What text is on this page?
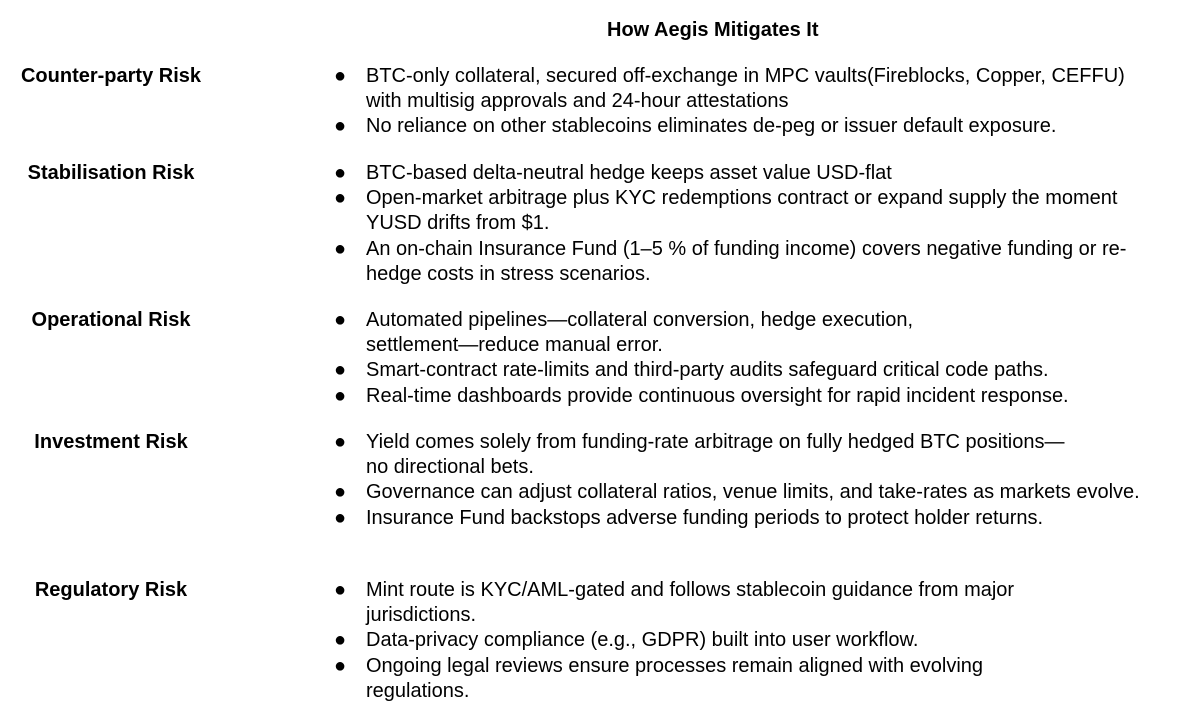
How Aegis Mitigates It
Counter-party Risk	● BTC-only collateral, secured off-exchange in MPC vaults(Fireblocks, Copper, CEFFU) with multisig approvals and 24-hour attestations
● No reliance on other stablecoins eliminates de-peg or issuer default exposure.
Stabilisation Risk	● BTC-based delta-neutral hedge keeps asset value USD-flat
● Open-market arbitrage plus KYC redemptions contract or expand supply the moment YUSD drifts from $1.
● An on-chain Insurance Fund (1–5 % of funding income) covers negative funding or re-hedge costs in stress scenarios.
Operational Risk	● Automated pipelines—collateral conversion, hedge execution, settlement—reduce manual error.
● Smart-contract rate-limits and third-party audits safeguard critical code paths.
● Real-time dashboards provide continuous oversight for rapid incident response.
Investment Risk	● Yield comes solely from funding-rate arbitrage on fully hedged BTC positions—no directional bets.
● Governance can adjust collateral ratios, venue limits, and take-rates as markets evolve.
● Insurance Fund backstops adverse funding periods to protect holder returns.
Regulatory Risk	● Mint route is KYC/AML-gated and follows stablecoin guidance from major jurisdictions.
● Data-privacy compliance (e.g., GDPR) built into user workflow.
● Ongoing legal reviews ensure processes remain aligned with evolving regulations.
